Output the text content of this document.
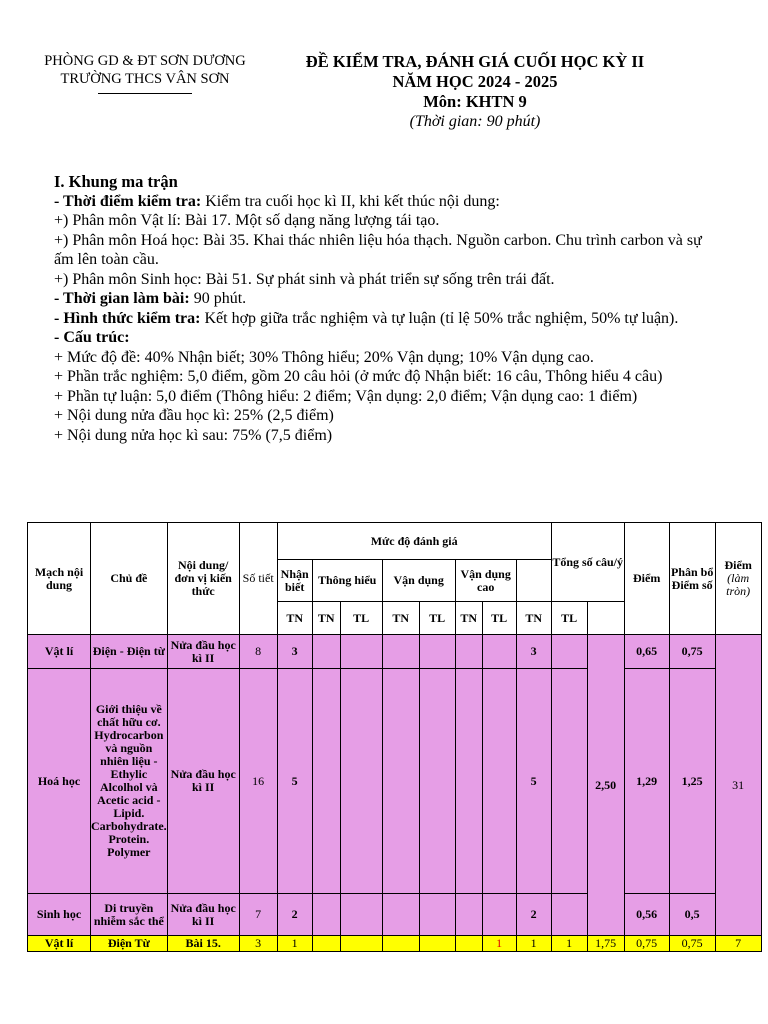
PHÒNG GD & ĐT SƠN DƯƠNG
TRƯỜNG THCS VÂN SƠN
ĐỀ KIỂM TRA, ĐÁNH GIÁ CUỐI HỌC KỲ II
NĂM HỌC 2024 - 2025
Môn: KHTN 9
(Thời gian: 90 phút)

I. Khung ma trận

- Thời điểm kiểm tra: Kiểm tra cuối học kì II, khi kết thúc nội dung:

+) Phân môn Vật lí: Bài 17. Một số dạng năng lượng tái tạo.

+) Phân môn Hoá học: Bài 35. Khai thác nhiên liệu hóa thạch. Nguồn carbon. Chu trình carbon và sự ấm lên toàn cầu.

+) Phân môn Sinh học: Bài 51. Sự phát sinh và phát triển sự sống trên trái đất.

- Thời gian làm bài: 90 phút.

- Hình thức kiểm tra: Kết hợp giữa trắc nghiệm và tự luận (tỉ lệ 50% trắc nghiệm, 50% tự luận).

- Cấu trúc:

+ Mức độ đề: 40% Nhận biết; 30% Thông hiểu; 20% Vận dụng; 10% Vận dụng cao.

+ Phần trắc nghiệm: 5,0 điểm, gồm 20 câu hỏi (ở mức độ Nhận biết: 16 câu, Thông hiểu 4 câu)

+ Phần tự luận: 5,0 điểm (Thông hiểu: 2 điểm; Vận dụng: 2,0 điểm; Vận dụng cao: 1 điểm)

+ Nội dung nửa đầu học kì: 25% (2,5 điểm)

+ Nội dung nửa học kì sau: 75% (7,5 điểm)

Mạch nội dung	Chủ đề	Nội dung/ đơn vị kiến thức	Số tiết	Mức độ đánh giá								Tổng số câu/ý		Điểm	Phân bổ Điểm số	Điểm
(làm tròn)	
				Nhận biết	Thông hiểu		Vận dụng		Vận dụng cao								
				TN	TN	TL	TN	TL	TN	TL	TN	TL					
Vật lí	Điện - Điện từ	Nửa đầu học kì II	8	3							3		2,50	0,65	0,75	31	
Hoá học	Giới thiệu về chất hữu cơ. Hydrocarbon và nguồn nhiên liệu - Ethylic Alcolhol và Acetic acid - Lipid. Carbohydrate. Protein. Polymer	Nửa đầu học kì II	16	5							5			1,29	1,25		
Sinh học	Di truyền nhiễm sắc thể	Nửa đầu học kì II	7	2							2			0,56	0,5		
Vật lí	Điện Từ	Bài 15.	3	1						1	1	1	1,75	0,75	0,75	7	
